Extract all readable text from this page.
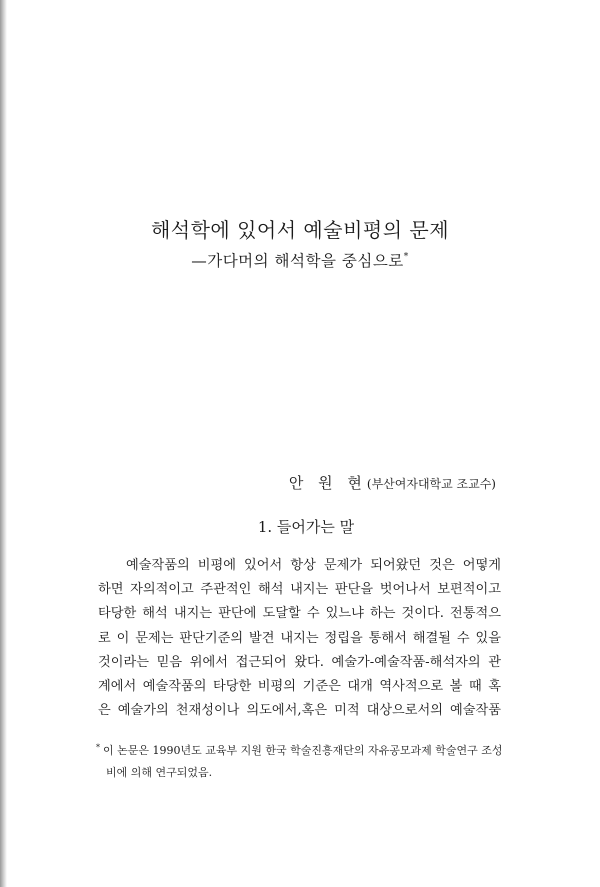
해석학에 있어서 예술비평의 문제
—가다머의 해석학을 중심으로*
안 원 현(부산여자대학교 조교수)
1. 들어가는 말
예술작품의 비평에 있어서 항상 문제가 되어왔던 것은 어떻게
하면 자의적이고 주관적인 해석 내지는 판단을 벗어나서 보편적이고
타당한 해석 내지는 판단에 도달할 수 있느냐 하는 것이다. 전통적으
로 이 문제는 판단기준의 발견 내지는 정립을 통해서 해결될 수 있을
것이라는 믿음 위에서 접근되어 왔다. 예술가-예술작품-해석자의 관
계에서 예술작품의 타당한 비평의 기준은 대개 역사적으로 볼 때 혹
은 예술가의 천재성이나 의도에서,혹은 미적 대상으로서의 예술작품
* 이 논문은 1990년도 교육부 지원 한국 학술진흥재단의 자유공모과제 학술연구 조성
비에 의해 연구되었음.
